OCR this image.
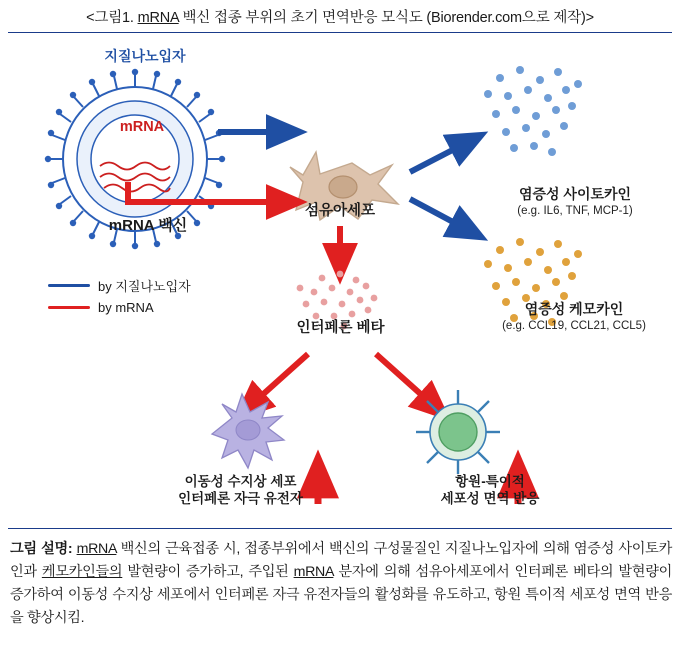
<그림1. mRNA 백신 접종 부위의 초기 면역반응 모식도 (Biorender.com으로 제작)>
지질나노입자
mRNA
mRNA 백신
섬유아세포
인터페론 베타
염증성 사이토카인
(e.g. IL6, TNF, MCP-1)
염증성 케모카인
(e.g. CCL19, CCL21, CCL5)
이동성 수지상 세포
인터페론 자극 유전자
항원-특이적
세포성 면역 반응
by 지질나노입자
by mRNA
그림 설명: mRNA 백신의 근육접종 시, 접종부위에서 백신의 구성물질인 지질나노입자에 의해 염증성 사이토카인과 케모카인들의 발현량이 증가하고, 주입된 mRNA 분자에 의해 섬유아세포에서 인터페론 베타의 발현량이 증가하여 이동성 수지상 세포에서 인터페론 자극 유전자들의 활성화를 유도하고, 항원 특이적 세포성 면역 반응을 향상시킴.
